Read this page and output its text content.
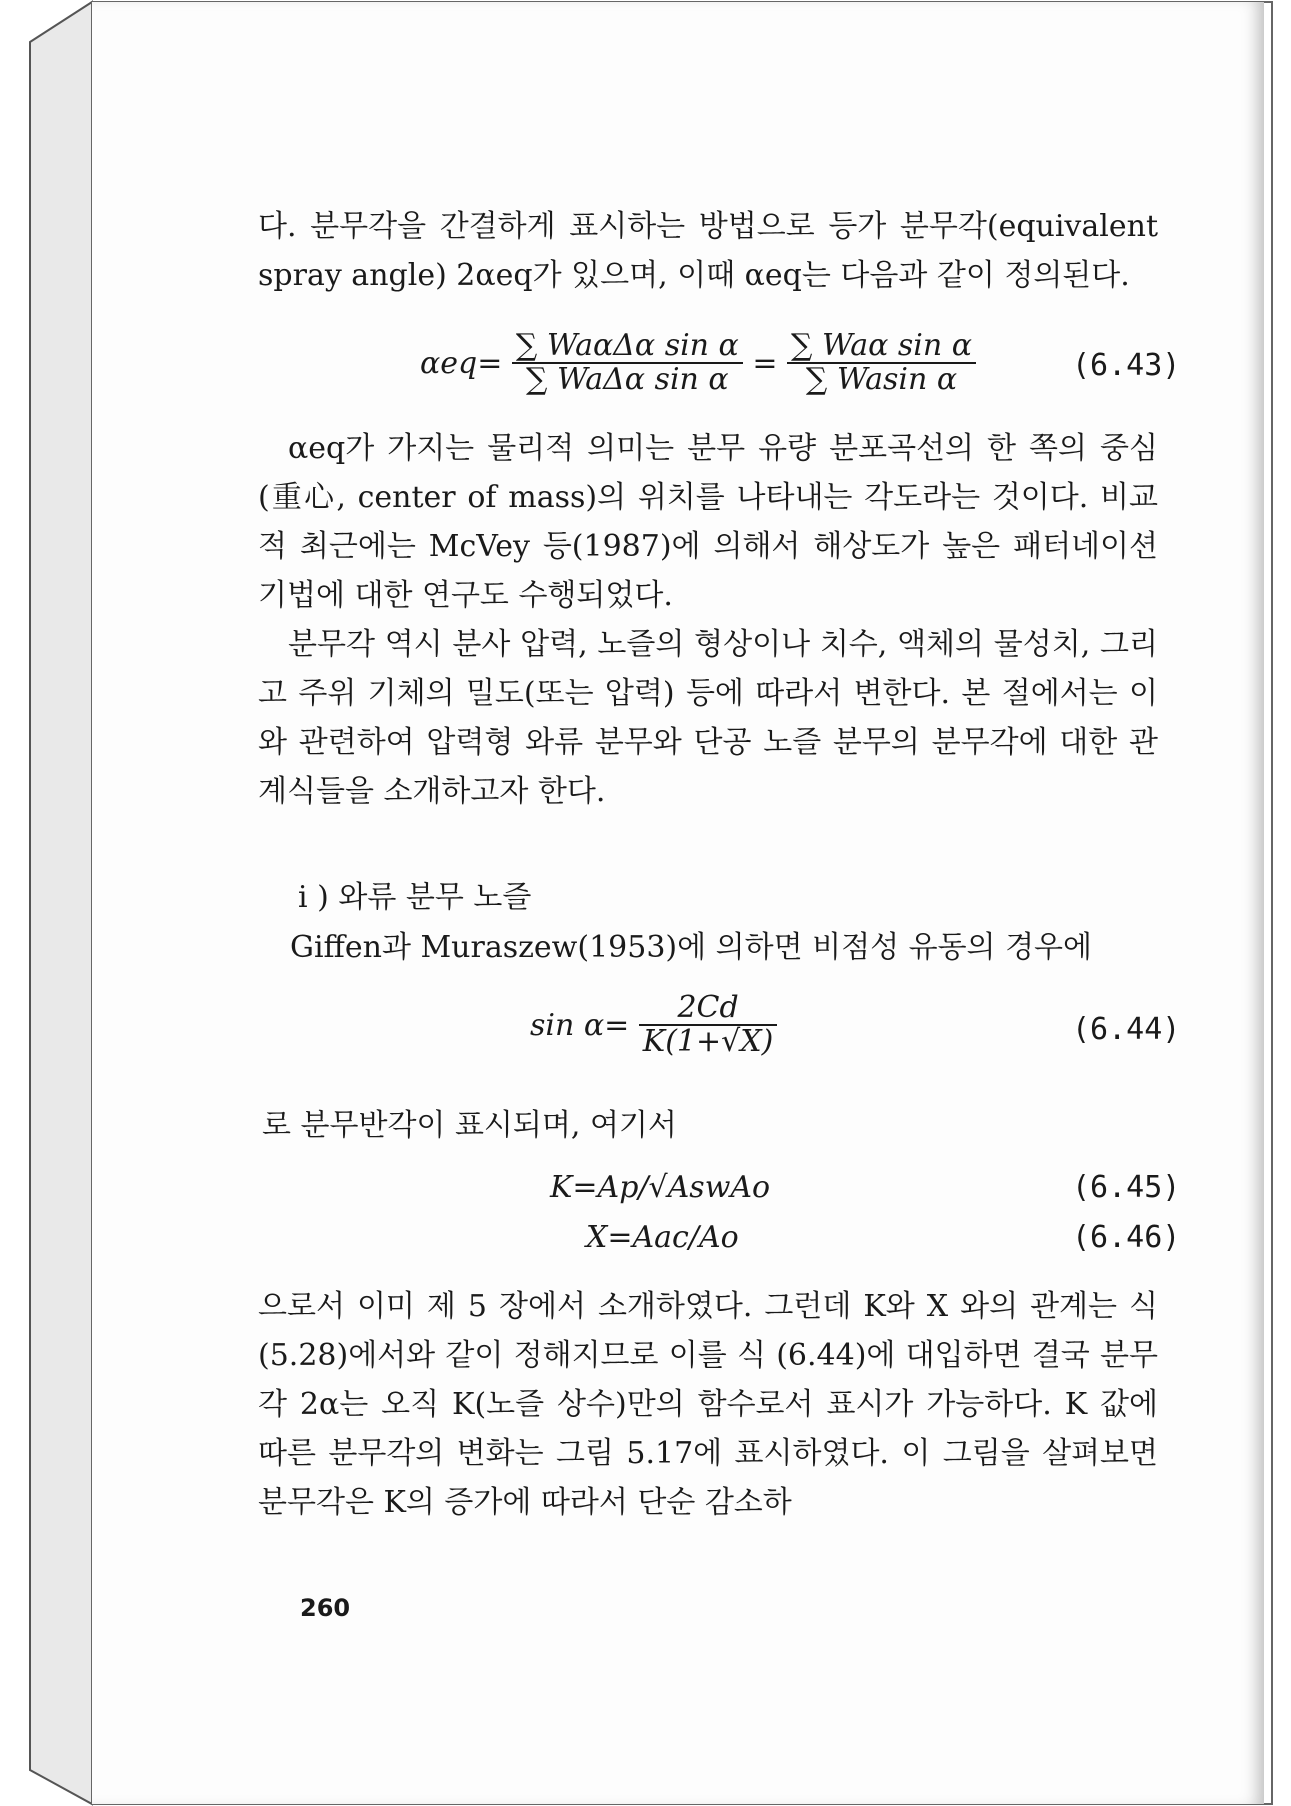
다. 분무각을 간결하게 표시하는 방법으로 등가 분무각(equivalent spray angle) 2αeq가 있으며, 이때 αeq는 다음과 같이 정의된다.

$\alpha eq= \frac{\text{∑ WaαΔα sin α}}{\text{∑ WaΔα sin α}} = \frac{\text{∑ Waα sin α}}{\text{∑ Wasin α}}$	(6.43)

αeq가 가지는 물리적 의미는 분무 유량 분포곡선의 한 쪽의 중심(重心, center of mass)의 위치를 나타내는 각도라는 것이다. 비교적 최근에는 McVey 등(1987)에 의해서 해상도가 높은 패터네이션 기법에 대한 연구도 수행되었다.

분무각 역시 분사 압력, 노즐의 형상이나 치수, 액체의 물성치, 그리고 주위 기체의 밀도(또는 압력) 등에 따라서 변한다. 본 절에서는 이와 관련하여 압력형 와류 분무와 단공 노즐 분무의 분무각에 대한 관계식들을 소개하고자 한다.

i ) 와류 분무 노즐
Giffen과 Muraszew(1953)에 의하면 비점성 유동의 경우에
$\sin \alpha= \frac{2Cd}{K(1+√X)}$	(6.44)
로 분무반각이 표시되며, 여기서
K=Ap/√AswAo	(6.45)
X=Aac/Ao	(6.46)

으로서 이미 제 5 장에서 소개하였다. 그런데 K와 X 와의 관계는 식 (5.28)에서와 같이 정해지므로 이를 식 (6.44)에 대입하면 결국 분무각 2α는 오직 K(노즐 상수)만의 함수로서 표시가 가능하다. K 값에 따른 분무각의 변화는 그림 5.17에 표시하였다. 이 그림을 살펴보면 분무각은 K의 증가에 따라서 단순 감소하

260
